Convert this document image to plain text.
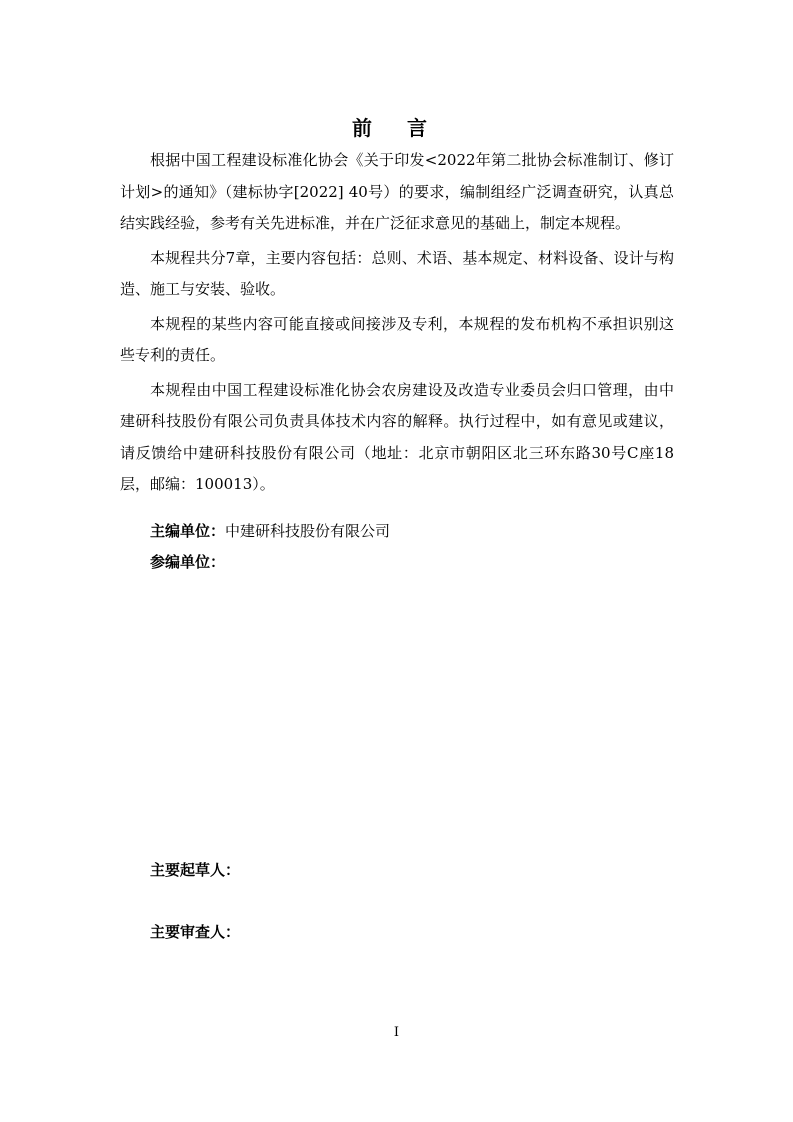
前 言

根据中国工程建设标准化协会《关于印发<2022年第二批协会标准制订、修订计划>的通知》（建标协字[2022] 40号）的要求，编制组经广泛调查研究，认真总结实践经验，参考有关先进标准，并在广泛征求意见的基础上，制定本规程。

本规程共分7章，主要内容包括：总则、术语、基本规定、材料设备、设计与构造、施工与安装、验收。

本规程的某些内容可能直接或间接涉及专利，本规程的发布机构不承担识别这些专利的责任。

本规程由中国工程建设标准化协会农房建设及改造专业委员会归口管理，由中建研科技股份有限公司负责具体技术内容的解释。执行过程中，如有意见或建议，请反馈给中建研科技股份有限公司（地址：北京市朝阳区北三环东路30号C座18层，邮编：100013）。

主编单位：中建研科技股份有限公司
参编单位：
主要起草人：
主要审查人：
I
